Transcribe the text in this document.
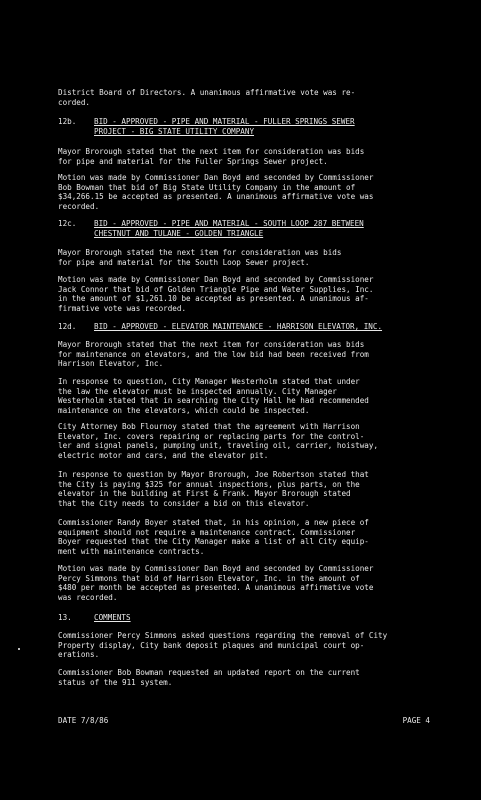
District Board of Directors. A unanimous affirmative vote was re-
corded.

12b. BID - APPROVED - PIPE AND MATERIAL - FULLER SPRINGS SEWER
PROJECT - BIG STATE UTILITY COMPANY

Mayor Brorough stated that the next item for consideration was bids
for pipe and material for the Fuller Springs Sewer project.

Motion was made by Commissioner Dan Boyd and seconded by Commissioner
Bob Bowman that bid of Big State Utility Company in the amount of
$34,266.15 be accepted as presented. A unanimous affirmative vote was
recorded.

12c. BID - APPROVED - PIPE AND MATERIAL - SOUTH LOOP 287 BETWEEN
CHESTNUT AND TULANE - GOLDEN TRIANGLE

Mayor Brorough stated the next item for consideration was bids
for pipe and material for the South Loop Sewer project.

Motion was made by Commissioner Dan Boyd and seconded by Commissioner
Jack Connor that bid of Golden Triangle Pipe and Water Supplies, Inc.
in the amount of $1,261.10 be accepted as presented. A unanimous af-
firmative vote was recorded.

12d. BID - APPROVED - ELEVATOR MAINTENANCE - HARRISON ELEVATOR, INC.

Mayor Brorough stated that the next item for consideration was bids
for maintenance on elevators, and the low bid had been received from
Harrison Elevator, Inc.

In response to question, City Manager Westerholm stated that under
the law the elevator must be inspected annually. City Manager
Westerholm stated that in searching the City Hall he had recommended
maintenance on the elevators, which could be inspected.

City Attorney Bob Flournoy stated that the agreement with Harrison
Elevator, Inc. covers repairing or replacing parts for the control-
ler and signal panels, pumping unit, traveling oil, carrier, hoistway,
electric motor and cars, and the elevator pit.

In response to question by Mayor Brorough, Joe Robertson stated that
the City is paying $325 for annual inspections, plus parts, on the
elevator in the building at First & Frank. Mayor Brorough stated
that the City needs to consider a bid on this elevator.

Commissioner Randy Boyer stated that, in his opinion, a new piece of
equipment should not require a maintenance contract. Commissioner
Boyer requested that the City Manager make a list of all City equip-
ment with maintenance contracts.

Motion was made by Commissioner Dan Boyd and seconded by Commissioner
Percy Simmons that bid of Harrison Elevator, Inc. in the amount of
$480 per month be accepted as presented. A unanimous affirmative vote
was recorded.

13.	COMMENTS

Commissioner Percy Simmons asked questions regarding the removal of City
Property display, City bank deposit plaques and municipal court op-
erations.

Commissioner Bob Bowman requested an updated report on the current
status of the 911 system.

DATE 7/8/86	PAGE 4
